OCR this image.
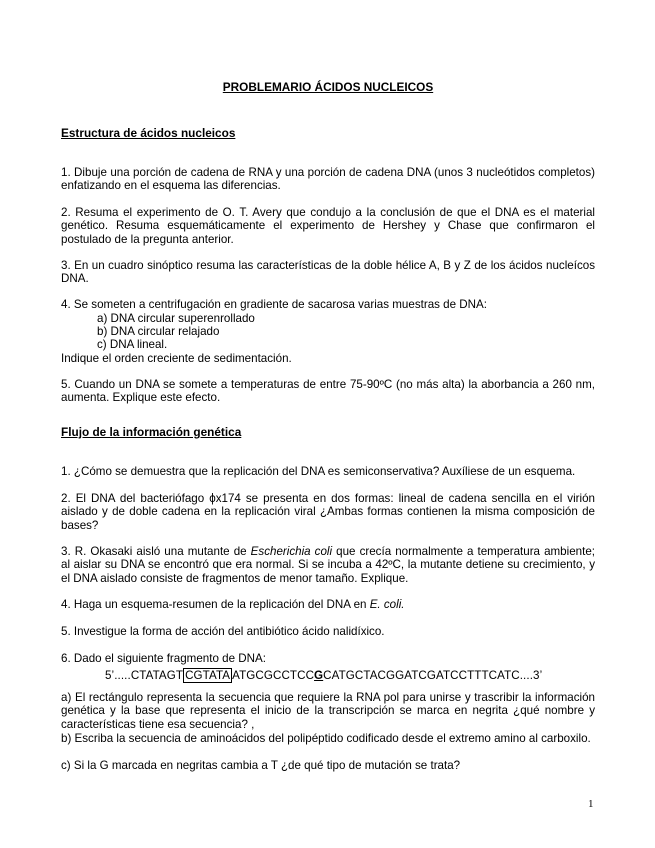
PROBLEMARIO ÁCIDOS NUCLEICOS
Estructura de ácidos nucleicos
1. Dibuje una porción de cadena de RNA y una porción de cadena DNA (unos 3 nucleótidos completos) enfatizando en el esquema las diferencias.
2. Resuma el experimento de O. T. Avery que condujo a la conclusión de que el DNA es el material genético. Resuma esquemáticamente el experimento de Hershey y Chase que confirmaron el postulado de la pregunta anterior.
3. En un cuadro sinóptico resuma las características de la doble hélice A, B y Z de los ácidos nucleícos DNA.
4. Se someten a centrifugación en gradiente de sacarosa varias muestras de DNA:
a) DNA circular superenrollado
b) DNA circular relajado
c) DNA lineal.
Indique el orden creciente de sedimentación.
5. Cuando un DNA se somete a temperaturas de entre 75-90ºC (no más alta) la aborbancia a 260 nm, aumenta. Explique este efecto.
Flujo de la información genética
1. ¿Cómo se demuestra que la replicación del DNA es semiconservativa? Auxíliese de un esquema.
2. El DNA del bacteriófago ϕx174 se presenta en dos formas: lineal de cadena sencilla en el virión aislado y de doble cadena en la replicación viral ¿Ambas formas contienen la misma composición de bases?
3. R. Okasaki aisló una mutante de Escherichia coli que crecía normalmente a temperatura ambiente; al aislar su DNA se encontró que era normal. Si se incuba a 42ºC, la mutante detiene su crecimiento, y el DNA aislado consiste de fragmentos de menor tamaño. Explique.
4. Haga un esquema-resumen de la replicación del DNA en E. coli.
5. Investigue la forma de acción del antibiótico ácido nalidíxico.
6. Dado el siguiente fragmento de DNA:
5’.....CTATAGT CGTATA ATGCGCCTCCGCATGCTACGGATCGATCCTTTCATC....3’
a) El rectángulo representa la secuencia que requiere la RNA pol para unirse y trascribir la información genética y la base que representa el inicio de la transcripción se marca en negrita ¿qué nombre y características tiene esa secuencia? ,
b) Escriba la secuencia de aminoácidos del polipéptido codificado desde el extremo amino al carboxilo.
c) Si la G marcada en negritas cambia a T ¿de qué tipo de mutación se trata?
1
